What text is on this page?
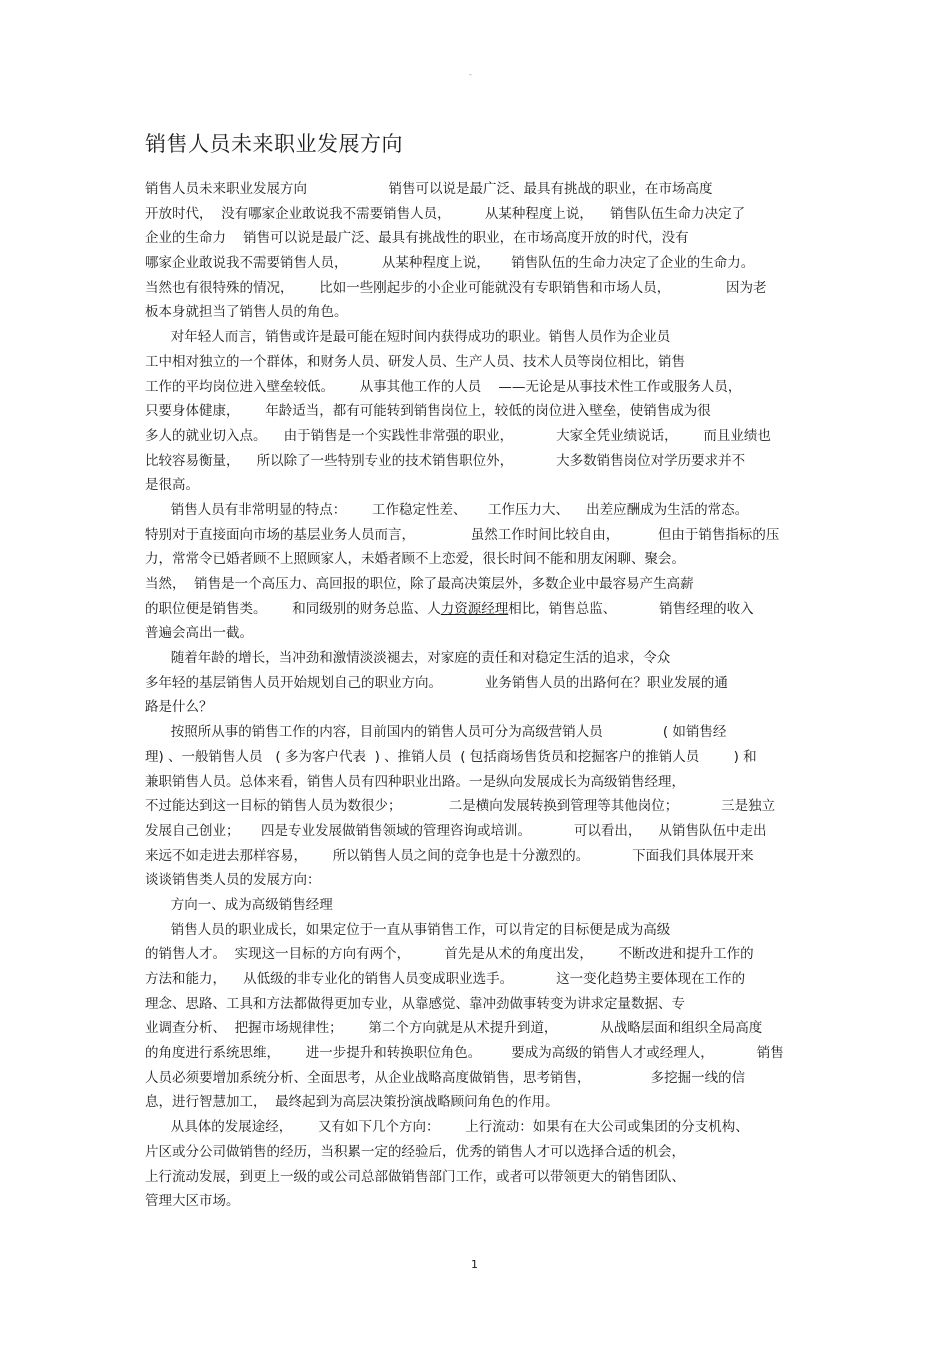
-
销售人员未来职业发展方向
销售人员未来职业发展方向                   销售可以说是最广泛、最具有挑战的职业，在市场高度
开放时代，  没有哪家企业敢说我不需要销售人员，        从某种程度上说，    销售队伍生命力决定了
企业的生命力    销售可以说是最广泛、最具有挑战性的职业，在市场高度开放的时代，没有
哪家企业敢说我不需要销售人员，        从某种程度上说，     销售队伍的生命力决定了企业的生命力。
当然也有很特殊的情况，      比如一些刚起步的小企业可能就没有专职销售和市场人员，             因为老
板本身就担当了销售人员的角色。
对年轻人而言，销售或许是最可能在短时间内获得成功的职业。销售人员作为企业员
工中相对独立的一个群体，和财务人员、研发人员、生产人员、技术人员等岗位相比，销售
工作的平均岗位进入壁垒较低。      从事其他工作的人员    ——无论是从事技术性工作或服务人员，
只要身体健康，      年龄适当，都有可能转到销售岗位上，较低的岗位进入壁垒，使销售成为很
多人的就业切入点。    由于销售是一个实践性非常强的职业，          大家全凭业绩说话，      而且业绩也
比较容易衡量，    所以除了一些特别专业的技术销售职位外，          大多数销售岗位对学历要求并不
是很高。
销售人员有非常明显的特点：      工作稳定性差、     工作压力大、    出差应酬成为生活的常态。
特别对于直接面向市场的基层业务人员而言，             虽然工作时间比较自由，         但由于销售指标的压
力，常常令已婚者顾不上照顾家人，未婚者顾不上恋爱，很长时间不能和朋友闲聊、聚会。
当然，  销售是一个高压力、高回报的职位，除了最高决策层外，多数企业中最容易产生高薪
的职位便是销售类。      和同级别的财务总监、人力资源经理相比，销售总监、          销售经理的收入
普遍会高出一截。
随着年龄的增长，当冲劲和激情淡淡褪去，对家庭的责任和对稳定生活的追求，令众
多年轻的基层销售人员开始规划自己的职业方向。          业务销售人员的出路何在？职业发展的通
路是什么？
按照所从事的销售工作的内容，目前国内的销售人员可分为高级营销人员              ( 如销售经
理) 、一般销售人员   ( 多为客户代表  ) 、推销人员  ( 包括商场售货员和挖掘客户的推销人员        ) 和
兼职销售人员。总体来看，销售人员有四种职业出路。一是纵向发展成长为高级销售经理，
不过能达到这一目标的销售人员为数很少；           二是横向发展转换到管理等其他岗位；          三是独立
发展自己创业；     四是专业发展做销售领域的管理咨询或培训。          可以看出，    从销售队伍中走出
来远不如走进去那样容易，      所以销售人员之间的竞争也是十分激烈的。          下面我们具体展开来
谈谈销售类人员的发展方向：
方向一、成为高级销售经理
销售人员的职业成长，如果定位于一直从事销售工作，可以肯定的目标便是成为高级
的销售人才。  实现这一目标的方向有两个，        首先是从术的角度出发，      不断改进和提升工作的
方法和能力，    从低级的非专业化的销售人员变成职业选手。          这一变化趋势主要体现在工作的
理念、思路、工具和方法都做得更加专业，从靠感觉、靠冲劲做事转变为讲求定量数据、专
业调查分析、  把握市场规律性；      第二个方向就是从术提升到道，          从战略层面和组织全局高度
的角度进行系统思维，      进一步提升和转换职位角色。       要成为高级的销售人才或经理人，          销售
人员必须要增加系统分析、全面思考，从企业战略高度做销售，思考销售，              多挖掘一线的信
息，进行智慧加工，  最终起到为高层决策扮演战略顾问角色的作用。
从具体的发展途经，      又有如下几个方向：      上行流动：如果有在大公司或集团的分支机构、
片区或分公司做销售的经历，当积累一定的经验后，优秀的销售人才可以选择合适的机会，
上行流动发展，到更上一级的或公司总部做销售部门工作，或者可以带领更大的销售团队、
管理大区市场。
1
